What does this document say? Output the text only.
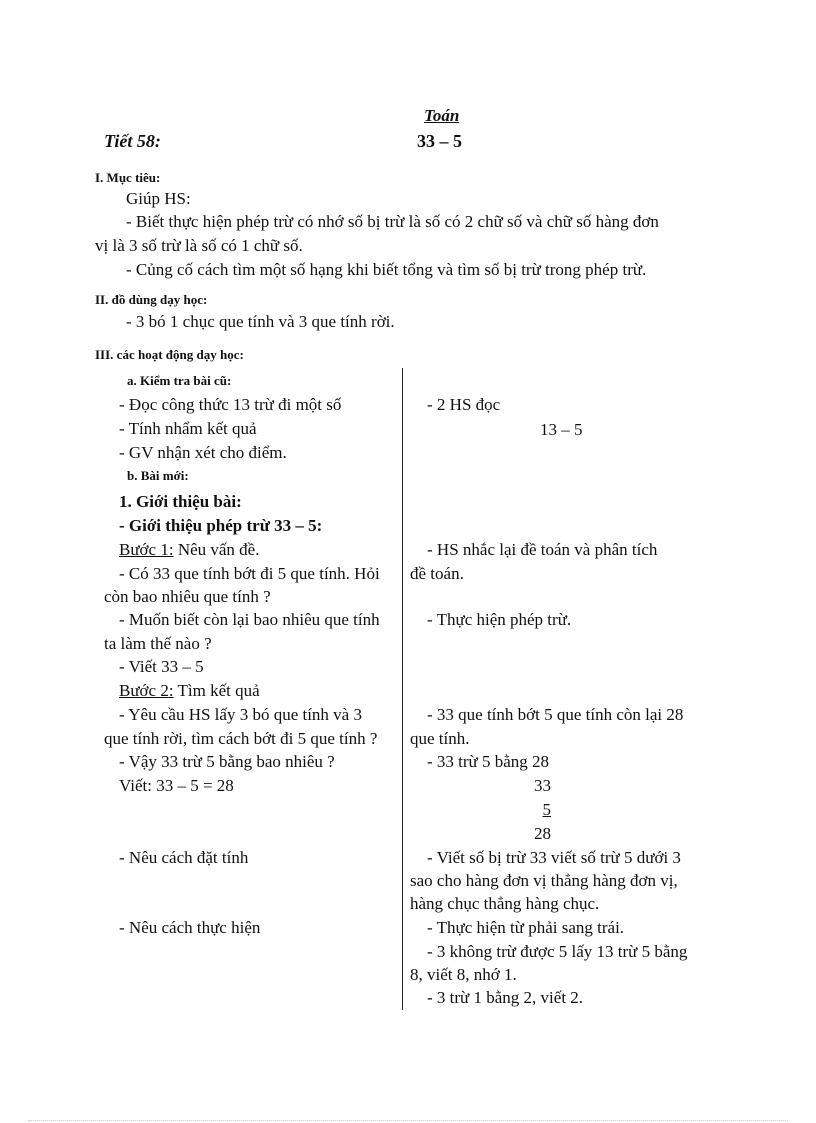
Toán
Tiết 58:	33 – 5
I. Mục tiêu:
Giúp HS:
- Biết thực hiện phép trừ có nhớ số bị trừ là số có 2 chữ số và chữ số hàng đơn
vị là 3 số trừ là số có 1 chữ số.
- Củng cố cách tìm một số hạng khi biết tổng và tìm số bị trừ trong phép trừ.
II. đồ dùng dạy học:
- 3 bó 1 chục que tính và 3 que tính rời.
III. các hoạt động dạy học:
a. Kiểm tra bài cũ:
- Đọc công thức 13 trừ đi một số
- Tính nhẩm kết quả
- GV nhận xét cho điểm.
b. Bài mới:
1. Giới thiệu bài:
- Giới thiệu phép trừ 33 – 5:
Bước 1: Nêu vấn đề.
- Có 33 que tính bớt đi 5 que tính. Hỏi
còn bao nhiêu que tính ?
- Muốn biết còn lại bao nhiêu que tính
ta làm thế nào ?
- Viết 33 – 5
Bước 2: Tìm kết quả
- Yêu cầu HS lấy 3 bó que tính và 3
que tính rời, tìm cách bớt đi 5 que tính ?
- Vậy 33 trừ 5 bằng bao nhiêu ?
Viết: 33 – 5 = 28
- Nêu cách đặt tính
- Nêu cách thực hiện
- 2 HS đọc
13 – 5
- HS nhắc lại đề toán và phân tích
đề toán.
- Thực hiện phép trừ.
- 33 que tính bớt 5 que tính còn lại 28
que tính.
- 33 trừ 5 bằng 28
33
5
28
- Viết số bị trừ 33 viết số trừ 5 dưới 3
sao cho hàng đơn vị thẳng hàng đơn vị,
hàng chục thẳng hàng chục.
- Thực hiện từ phải sang trái.
- 3 không trừ được 5 lấy 13 trừ 5 bằng
8, viết 8, nhớ 1.
- 3 trừ 1 bằng 2, viết 2.
